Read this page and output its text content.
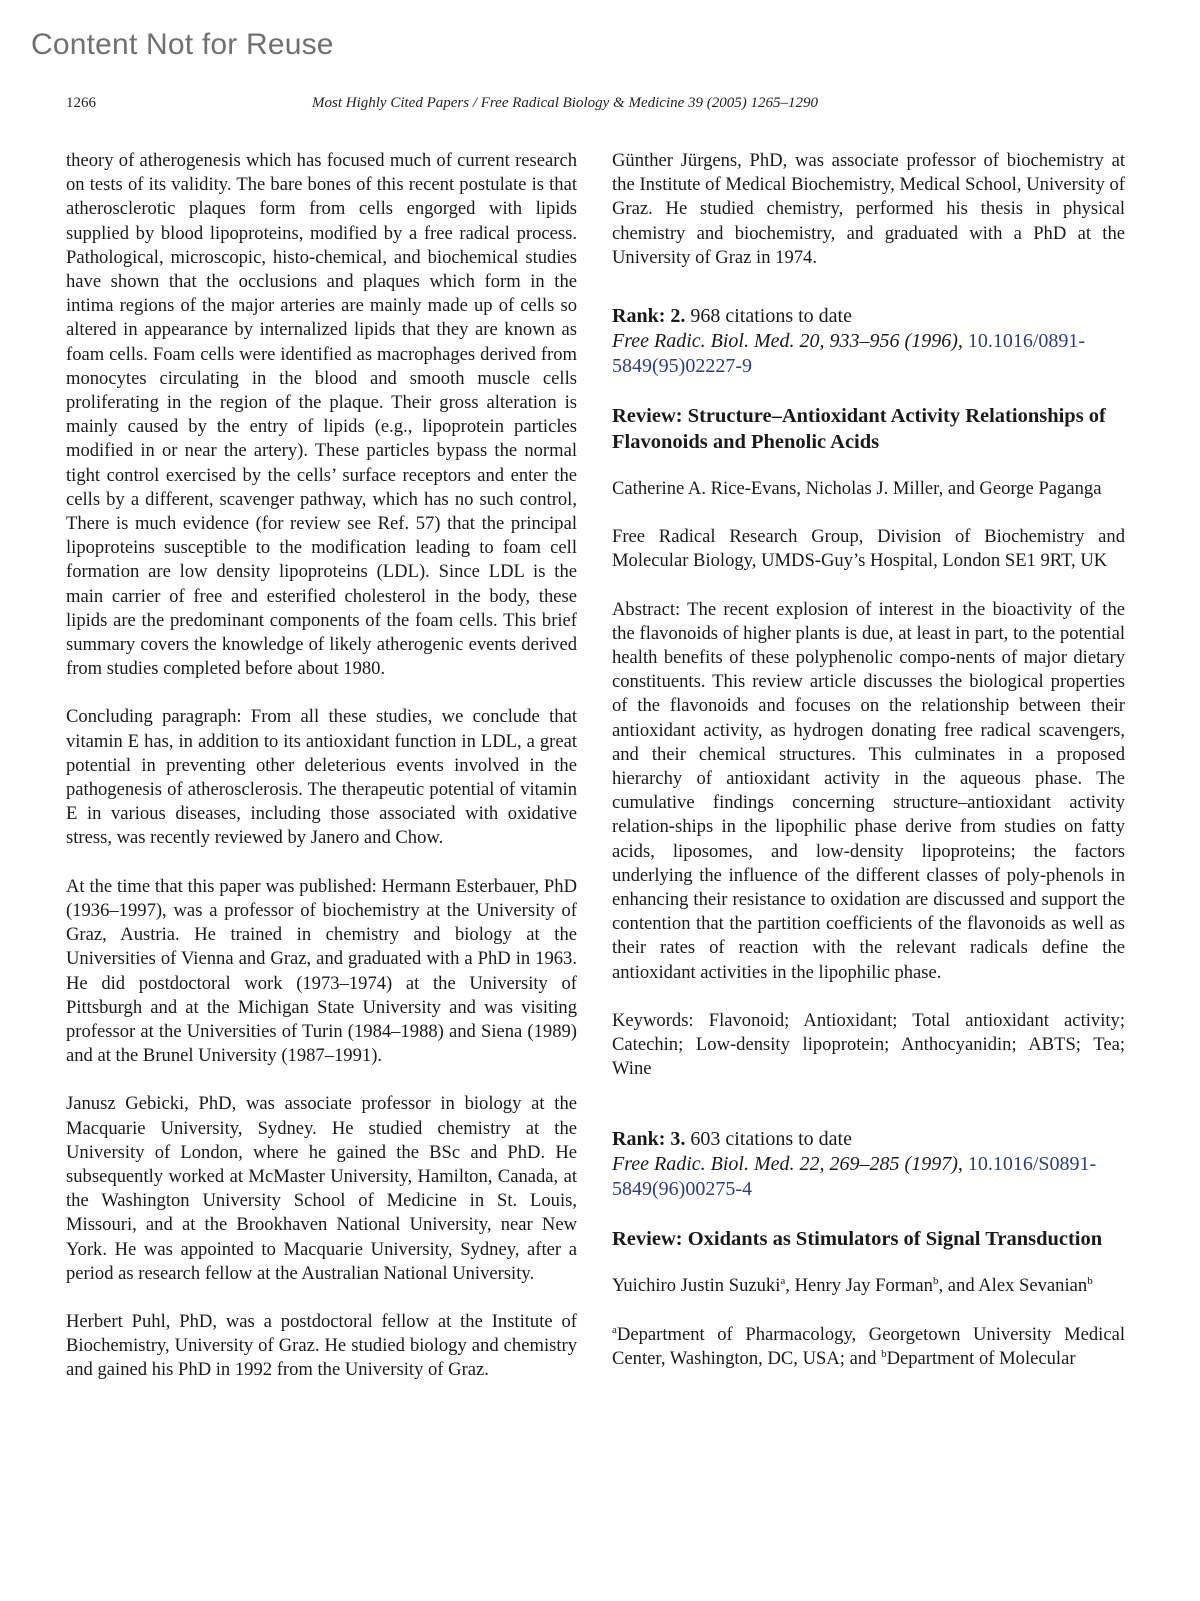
Content Not for Reuse
1266	Most Highly Cited Papers / Free Radical Biology & Medicine 39 (2005) 1265–1290

theory of atherogenesis which has focused much of current research on tests of its validity. The bare bones of this recent postulate is that atherosclerotic plaques form from cells engorged with lipids supplied by blood lipoproteins, modified by a free radical process. Pathological, microscopic, histo-chemical, and biochemical studies have shown that the occlusions and plaques which form in the intima regions of the major arteries are mainly made up of cells so altered in appearance by internalized lipids that they are known as foam cells. Foam cells were identified as macrophages derived from monocytes circulating in the blood and smooth muscle cells proliferating in the region of the plaque. Their gross alteration is mainly caused by the entry of lipids (e.g., lipoprotein particles modified in or near the artery). These particles bypass the normal tight control exercised by the cells’ surface receptors and enter the cells by a different, scavenger pathway, which has no such control, There is much evidence (for review see Ref. 57) that the principal lipoproteins susceptible to the modification leading to foam cell formation are low density lipoproteins (LDL). Since LDL is the main carrier of free and esterified cholesterol in the body, these lipids are the predominant components of the foam cells. This brief summary covers the knowledge of likely atherogenic events derived from studies completed before about 1980.

Concluding paragraph: From all these studies, we conclude that vitamin E has, in addition to its antioxidant function in LDL, a great potential in preventing other deleterious events involved in the pathogenesis of atherosclerosis. The therapeutic potential of vitamin E in various diseases, including those associated with oxidative stress, was recently reviewed by Janero and Chow.

At the time that this paper was published: Hermann Esterbauer, PhD (1936–1997), was a professor of biochemistry at the University of Graz, Austria. He trained in chemistry and biology at the Universities of Vienna and Graz, and graduated with a PhD in 1963. He did postdoctoral work (1973–1974) at the University of Pittsburgh and at the Michigan State University and was visiting professor at the Universities of Turin (1984–1988) and Siena (1989) and at the Brunel University (1987–1991).

Janusz Gebicki, PhD, was associate professor in biology at the Macquarie University, Sydney. He studied chemistry at the University of London, where he gained the BSc and PhD. He subsequently worked at McMaster University, Hamilton, Canada, at the Washington University School of Medicine in St. Louis, Missouri, and at the Brookhaven National University, near New York. He was appointed to Macquarie University, Sydney, after a period as research fellow at the Australian National University.

Herbert Puhl, PhD, was a postdoctoral fellow at the Institute of Biochemistry, University of Graz. He studied biology and chemistry and gained his PhD in 1992 from the University of Graz.

Günther Jürgens, PhD, was associate professor of biochemistry at the Institute of Medical Biochemistry, Medical School, University of Graz. He studied chemistry, performed his thesis in physical chemistry and biochemistry, and graduated with a PhD at the University of Graz in 1974.

Rank: 2. 968 citations to date
Free Radic. Biol. Med. 20, 933–956 (1996), 10.1016/0891-5849(95)02227-9
Review: Structure–Antioxidant Activity Relationships of Flavonoids and Phenolic Acids

Catherine A. Rice-Evans, Nicholas J. Miller, and George Paganga

Free Radical Research Group, Division of Biochemistry and Molecular Biology, UMDS-Guy’s Hospital, London SE1 9RT, UK

Abstract: The recent explosion of interest in the bioactivity of the the flavonoids of higher plants is due, at least in part, to the potential health benefits of these polyphenolic compo-nents of major dietary constituents. This review article discusses the biological properties of the flavonoids and focuses on the relationship between their antioxidant activity, as hydrogen donating free radical scavengers, and their chemical structures. This culminates in a proposed hierarchy of antioxidant activity in the aqueous phase. The cumulative findings concerning structure–antioxidant activity relation-ships in the lipophilic phase derive from studies on fatty acids, liposomes, and low-density lipoproteins; the factors underlying the influence of the different classes of poly-phenols in enhancing their resistance to oxidation are discussed and support the contention that the partition coefficients of the flavonoids as well as their rates of reaction with the relevant radicals define the antioxidant activities in the lipophilic phase.

Keywords: Flavonoid; Antioxidant; Total antioxidant activity; Catechin; Low-density lipoprotein; Anthocyanidin; ABTS; Tea; Wine

Rank: 3. 603 citations to date
Free Radic. Biol. Med. 22, 269–285 (1997), 10.1016/S0891-5849(96)00275-4
Review: Oxidants as Stimulators of Signal Transduction

Yuichiro Justin Suzuki$^a$, Henry Jay Forman$^b$, and Alex Sevanian$^b$

$^a$Department of Pharmacology, Georgetown University Medical Center, Washington, DC, USA; and $^b$Department of Molecular
